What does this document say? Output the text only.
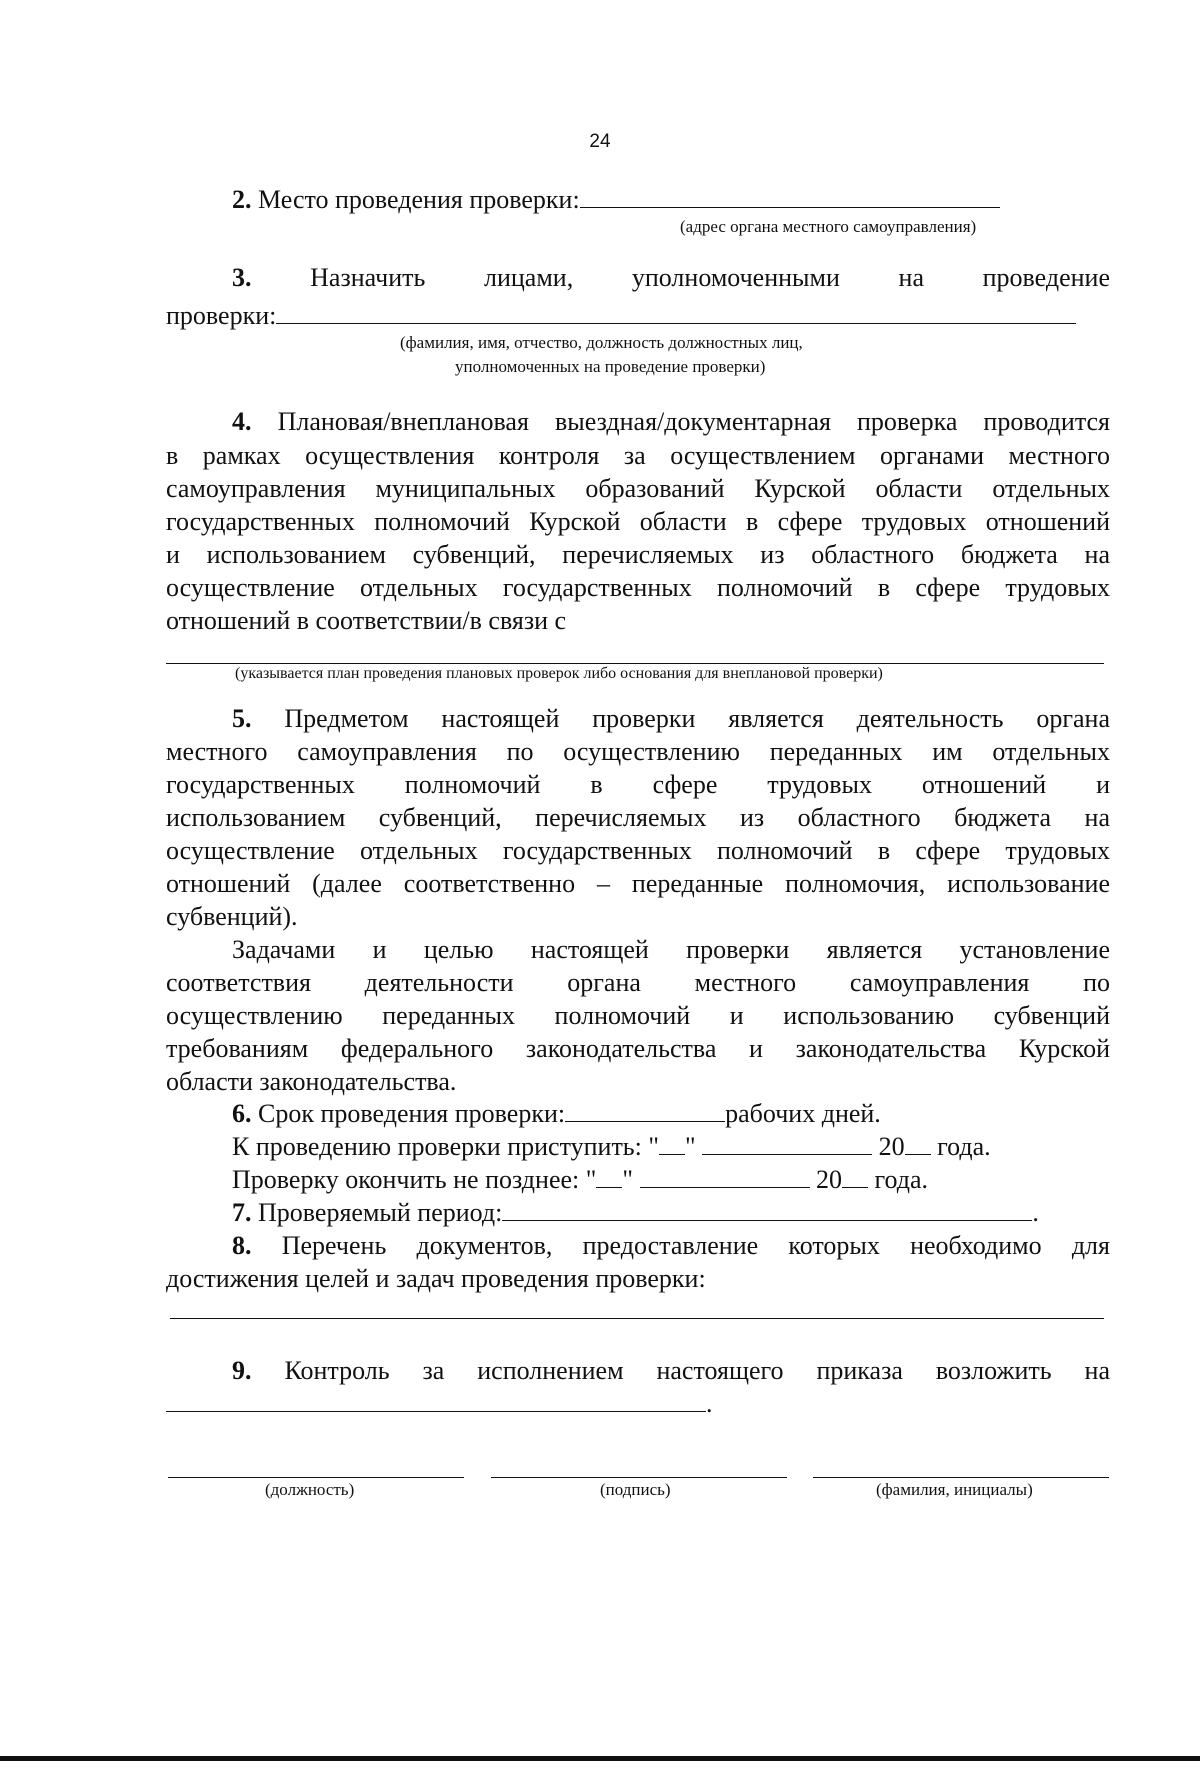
24
2. Место проведения проверки:
(адрес органа местного самоуправления)
3. Назначить лицами, уполномоченными на проведение
проверки:
(фамилия, имя, отчество, должность должностных лиц,
уполномоченных на проведение проверки)
4. Плановая/внеплановая выездная/документарная проверка проводится
в рамках осуществления контроля за осуществлением органами местного
самоуправления муниципальных образований Курской области отдельных
государственных полномочий Курской области в сфере трудовых отношений
и использованием субвенций, перечисляемых из областного бюджета на
осуществление отдельных государственных полномочий в сфере трудовых
отношений в соответствии/в связи с
(указывается план проведения плановых проверок либо основания для внеплановой проверки)
5. Предметом настоящей проверки является деятельность органа
местного самоуправления по осуществлению переданных им отдельных
государственных полномочий в сфере трудовых отношений и
использованием субвенций, перечисляемых из областного бюджета на
осуществление отдельных государственных полномочий в сфере трудовых
отношений (далее соответственно – переданные полномочия, использование
субвенций).
Задачами и целью настоящей проверки является установление
соответствия деятельности органа местного самоуправления по
осуществлению переданных полномочий и использованию субвенций
требованиям федерального законодательства и законодательства Курской
области законодательства.
6. Срок проведения проверки:	рабочих дней.
К проведению проверки приступить: " "	20 года.
Проверку окончить не позднее: " "	20 года.
7. Проверяемый период:	.
8. Перечень документов, предоставление которых необходимо для
достижения целей и задач проведения проверки:
9. Контроль за исполнением настоящего приказа возложить на
.
(должность)	(подпись)	(фамилия, инициалы)
